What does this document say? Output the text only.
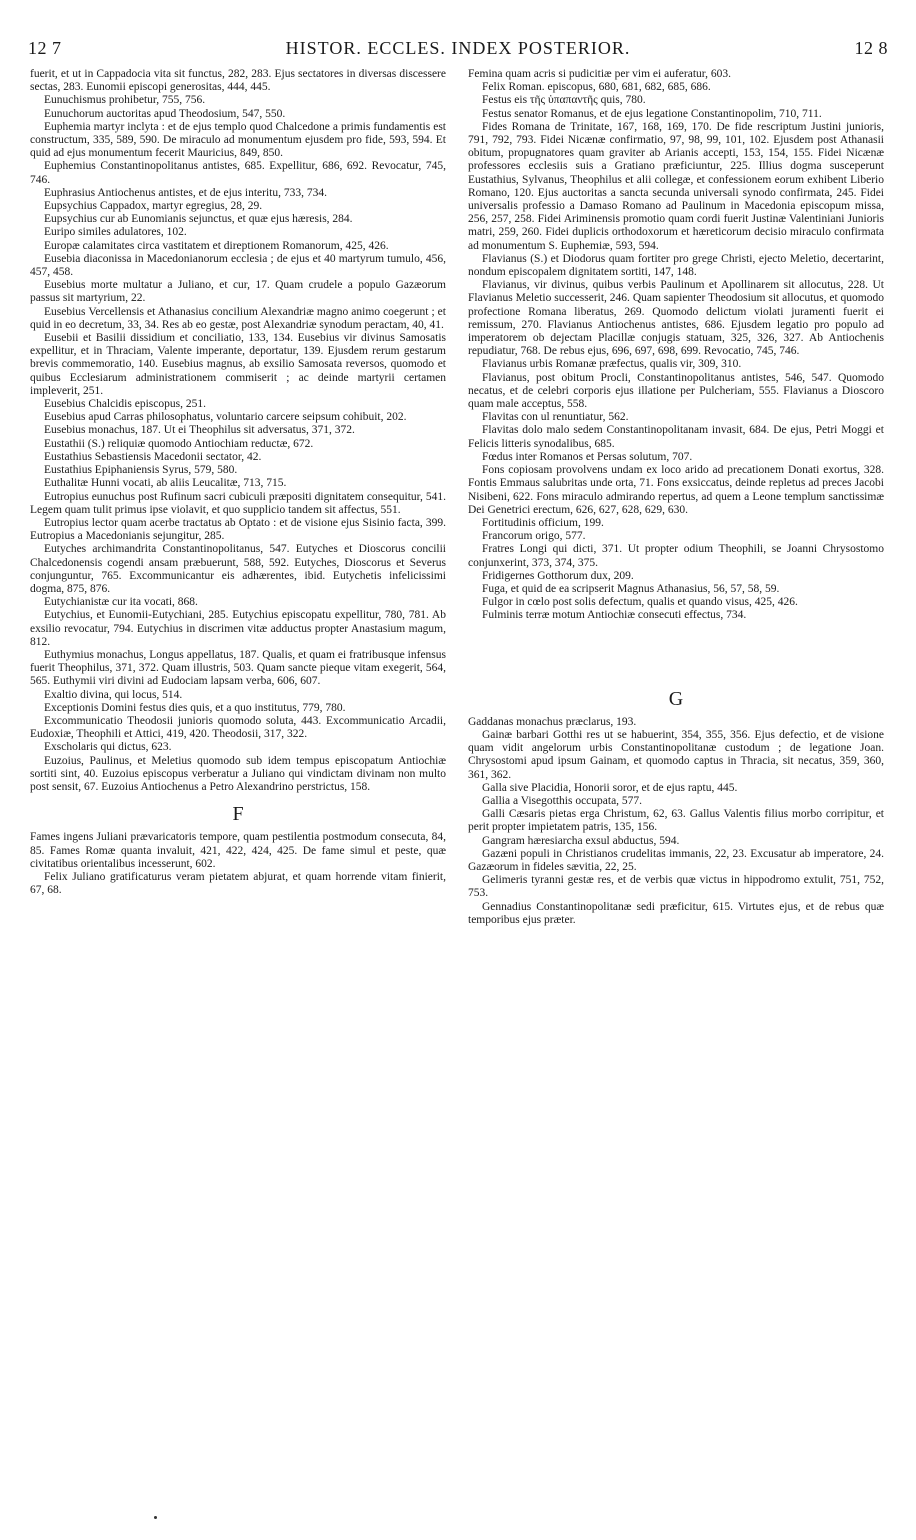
12 7	HISTOR. ECCLES. INDEX POSTERIOR.	12 8

fuerit, et ut in Cappadocia vita sit functus, 282, 283. Ejus sectatores in diversas discessere sectas, 283. Eunomii episcopi generositas, 444, 445.

Eunuchismus prohibetur, 755, 756.

Eunuchorum auctoritas apud Theodosium, 547, 550.

Euphemia martyr inclyta : et de ejus templo quod Chalcedone a primis fundamentis est constructum, 335, 589, 590. De miraculo ad monumentum ejusdem pro fide, 593, 594. Et quid ad ejus monumentum fecerit Mauricius, 849, 850.

Euphemius Constantinopolitanus antistes, 685. Expellitur, 686, 692. Revocatur, 745, 746.

Euphrasius Antiochenus antistes, et de ejus interitu, 733, 734.

Eupsychius Cappadox, martyr egregius, 28, 29.

Eupsychius cur ab Eunomianis sejunctus, et quæ ejus hæresis, 284.

Euripo similes adulatores, 102.

Europæ calamitates circa vastitatem et direptionem Romanorum, 425, 426.

Eusebia diaconissa in Macedonianorum ecclesia ; de ejus et 40 martyrum tumulo, 456, 457, 458.

Eusebius morte multatur a Juliano, et cur, 17. Quam crudele a populo Gazæorum passus sit martyrium, 22.

Eusebius Vercellensis et Athanasius concilium Alexandriæ magno animo coegerunt ; et quid in eo decretum, 33, 34. Res ab eo gestæ, post Alexandriæ synodum peractam, 40, 41.

Eusebii et Basilii dissidium et conciliatio, 133, 134. Eusebius vir divinus Samosatis expellitur, et in Thraciam, Valente imperante, deportatur, 139. Ejusdem rerum gestarum brevis commemoratio, 140. Eusebius magnus, ab exsilio Samosata reversos, quomodo et quibus Ecclesiarum administrationem commiserit ; ac deinde martyrii certamen impleverit, 251.

Eusebius Chalcidis episcopus, 251.

Eusebius apud Carras philosophatus, voluntario carcere seipsum cohibuit, 202.

Eusebius monachus, 187. Ut ei Theophilus sit adversatus, 371, 372.

Eustathii (S.) reliquiæ quomodo Antiochiam reductæ, 672.

Eustathius Sebastiensis Macedonii sectator, 42.

Eustathius Epiphaniensis Syrus, 579, 580.

Euthalitæ Hunni vocati, ab aliis Leucalitæ, 713, 715.

Eutropius eunuchus post Rufinum sacri cubiculi præpositi dignitatem consequitur, 541. Legem quam tulit primus ipse violavit, et quo supplicio tandem sit affectus, 551.

Eutropius lector quam acerbe tractatus ab Optato : et de visione ejus Sisinio facta, 399. Eutropius a Macedonianis sejungitur, 285.

Eutyches archimandrita Constantinopolitanus, 547. Eutyches et Dioscorus concilii Chalcedonensis cogendi ansam præbuerunt, 588, 592. Eutyches, Dioscorus et Severus conjunguntur, 765. Excommunicantur eis adhærentes, ibid. Eutychetis infelicissimi dogma, 875, 876.

Eutychianistæ cur ita vocati, 868.

Eutychius, et Eunomii-Eutychiani, 285. Eutychius episcopatu expellitur, 780, 781. Ab exsilio revocatur, 794. Eutychius in discrimen vitæ adductus propter Anastasium magum, 812.

Euthymius monachus, Longus appellatus, 187. Qualis, et quam ei fratribusque infensus fuerit Theophilus, 371, 372. Quam illustris, 503. Quam sancte pieque vitam exegerit, 564, 565. Euthymii viri divini ad Eudociam lapsam verba, 606, 607.

Exaltio divina, qui locus, 514.

Exceptionis Domini festus dies quis, et a quo institutus, 779, 780.

Excommunicatio Theodosii junioris quomodo soluta, 443. Excommunicatio Arcadii, Eudoxiæ, Theophili et Attici, 419, 420. Theodosii, 317, 322.

Exscholaris qui dictus, 623.

Euzoius, Paulinus, et Meletius quomodo sub idem tempus episcopatum Antiochiæ sortiti sint, 40. Euzoius episcopus verberatur a Juliano qui vindictam divinam non multo post sensit, 67. Euzoius Antiochenus a Petro Alexandrino perstrictus, 158.

F

Fames ingens Juliani prævaricatoris tempore, quam pestilentia postmodum consecuta, 84, 85. Fames Romæ quanta invaluit, 421, 422, 424, 425. De fame simul et peste, quæ civitatibus orientalibus incesserunt, 602.

Felix Juliano gratificaturus veram pietatem abjurat, et quam horrende vitam finierit, 67, 68.

Femina quam acris si pudicitiæ per vim ei auferatur, 603.

Felix Roman. episcopus, 680, 681, 682, 685, 686.

Festus eis τῆς ὑπαπαντῆς quis, 780.

Festus senator Romanus, et de ejus legatione Constantinopolim, 710, 711.

Fides Romana de Trinitate, 167, 168, 169, 170. De fide rescriptum Justini junioris, 791, 792, 793. Fidei Nicænæ confirmatio, 97, 98, 99, 101, 102. Ejusdem post Athanasii obitum, propugnatores quam graviter ab Arianis accepti, 153, 154, 155. Fidei Nicænæ professores ecclesiis suis a Gratiano præficiuntur, 225. Illius dogma susceperunt Eustathius, Sylvanus, Theophilus et alii collegæ, et confessionem eorum exhibent Liberio Romano, 120. Ejus auctoritas a sancta secunda universali synodo confirmata, 245. Fidei universalis professio a Damaso Romano ad Paulinum in Macedonia episcopum missa, 256, 257, 258. Fidei Ariminensis promotio quam cordi fuerit Justinæ Valentiniani Junioris matri, 259, 260. Fidei duplicis orthodoxorum et hæreticorum decisio miraculo confirmata ad monumentum S. Euphemiæ, 593, 594.

Flavianus (S.) et Diodorus quam fortiter pro grege Christi, ejecto Meletio, decertarint, nondum episcopalem dignitatem sortiti, 147, 148.

Flavianus, vir divinus, quibus verbis Paulinum et Apollinarem sit allocutus, 228. Ut Flavianus Meletio successerit, 246. Quam sapienter Theodosium sit allocutus, et quomodo profectione Romana liberatus, 269. Quomodo delictum violati juramenti fuerit ei remissum, 270. Flavianus Antiochenus antistes, 686. Ejusdem legatio pro populo ad imperatorem ob dejectam Placillæ conjugis statuam, 325, 326, 327. Ab Antiochenis repudiatur, 768. De rebus ejus, 696, 697, 698, 699. Revocatio, 745, 746.

Flavianus urbis Romanæ præfectus, qualis vir, 309, 310.

Flavianus, post obitum Procli, Constantinopolitanus antistes, 546, 547. Quomodo necatus, et de celebri corporis ejus illatione per Pulcheriam, 555. Flavianus a Dioscoro quam male acceptus, 558.

Flavitas con ul renuntiatur, 562.

Flavitas dolo malo sedem Constantinopolitanam invasit, 684. De ejus, Petri Moggi et Felicis litteris synodalibus, 685.

Fœdus inter Romanos et Persas solutum, 707.

Fons copiosam provolvens undam ex loco arido ad precationem Donati exortus, 328. Fontis Emmaus salubritas unde orta, 71. Fons exsiccatus, deinde repletus ad preces Jacobi Nisibeni, 622. Fons miraculo admirando repertus, ad quem a Leone templum sanctissimæ Dei Genetrici erectum, 626, 627, 628, 629, 630.

Fortitudinis officium, 199.

Francorum origo, 577.

Fratres Longi qui dicti, 371. Ut propter odium Theophili, se Joanni Chrysostomo conjunxerint, 373, 374, 375.

Fridigernes Gotthorum dux, 209.

Fuga, et quid de ea scripserit Magnus Athanasius, 56, 57, 58, 59.

Fulgor in cœlo post solis defectum, qualis et quando visus, 425, 426.

Fulminis terræ motum Antiochiæ consecuti effectus, 734.

G

Gaddanas monachus præclarus, 193.

Gainæ barbari Gotthi res ut se habuerint, 354, 355, 356. Ejus defectio, et de visione quam vidit angelorum urbis Constantinopolitanæ custodum ; de legatione Joan. Chrysostomi apud ipsum Gainam, et quomodo captus in Thracia, sit necatus, 359, 360, 361, 362.

Galla sive Placidia, Honorii soror, et de ejus raptu, 445.

Gallia a Visegotthis occupata, 577.

Galli Cæsaris pietas erga Christum, 62, 63. Gallus Valentis filius morbo corripitur, et perit propter impietatem patris, 135, 156.

Gangram hæresiarcha exsul abductus, 594.

Gazæni populi in Christianos crudelitas immanis, 22, 23. Excusatur ab imperatore, 24. Gazæorum in fideles sævitia, 22, 25.

Gelimeris tyranni gestæ res, et de verbis quæ victus in hippodromo extulit, 751, 752, 753.

Gennadius Constantinopolitanæ sedi præficitur, 615. Virtutes ejus, et de rebus quæ temporibus ejus præter.
